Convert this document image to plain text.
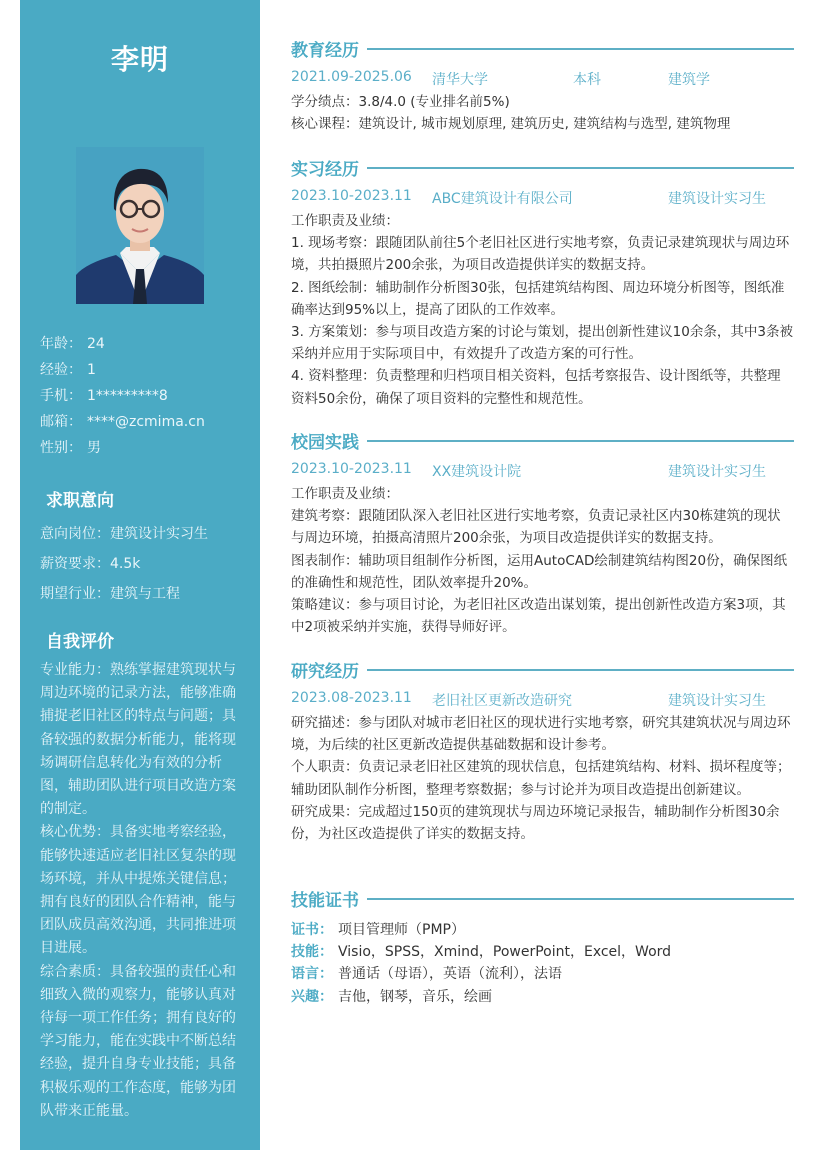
李明
年龄： 24
经验： 1
手机： 1*********8
邮箱： ****@zcmima.cn
性别： 男
求职意向
意向岗位：建筑设计实习生
薪资要求：4.5k
期望行业：建筑与工程
自我评价

专业能力：熟练掌握建筑现状与周边环境的记录方法，能够准确捕捉老旧社区的特点与问题；具备较强的数据分析能力，能将现场调研信息转化为有效的分析图，辅助团队进行项目改造方案的制定。

核心优势：具备实地考察经验，能够快速适应老旧社区复杂的现场环境，并从中提炼关键信息；拥有良好的团队合作精神，能与团队成员高效沟通，共同推进项目进展。

综合素质：具备较强的责任心和细致入微的观察力，能够认真对待每一项工作任务；拥有良好的学习能力，能在实践中不断总结经验，提升自身专业技能；具备积极乐观的工作态度，能够为团队带来正能量。

教育经历
2021.09-2025.06 清华大学	本科	建筑学

学分绩点：3.8/4.0 (专业排名前5%)

核心课程：建筑设计, 城市规划原理, 建筑历史, 建筑结构与选型, 建筑物理

实习经历
2023.10-2023.11 ABC建筑设计有限公司	建筑设计实习生

工作职责及业绩：

1. 现场考察：跟随团队前往5个老旧社区进行实地考察，负责记录建筑现状与周边环境，共拍摄照片200余张，为项目改造提供详实的数据支持。

2. 图纸绘制：辅助制作分析图30张，包括建筑结构图、周边环境分析图等，图纸准确率达到95%以上，提高了团队的工作效率。

3. 方案策划：参与项目改造方案的讨论与策划，提出创新性建议10余条，其中3条被采纳并应用于实际项目中，有效提升了改造方案的可行性。

4. 资料整理：负责整理和归档项目相关资料，包括考察报告、设计图纸等，共整理资料50余份，确保了项目资料的完整性和规范性。

校园实践
2023.10-2023.11 XX建筑设计院	建筑设计实习生

工作职责及业绩：

建筑考察：跟随团队深入老旧社区进行实地考察，负责记录社区内30栋建筑的现状与周边环境，拍摄高清照片200余张，为项目改造提供详实的数据支持。

图表制作：辅助项目组制作分析图，运用AutoCAD绘制建筑结构图20份，确保图纸的准确性和规范性，团队效率提升20%。

策略建议：参与项目讨论，为老旧社区改造出谋划策，提出创新性改造方案3项，其中2项被采纳并实施，获得导师好评。

研究经历
2023.08-2023.11 老旧社区更新改造研究	建筑设计实习生

研究描述：参与团队对城市老旧社区的现状进行实地考察，研究其建筑状况与周边环境，为后续的社区更新改造提供基础数据和设计参考。

个人职责：负责记录老旧社区建筑的现状信息，包括建筑结构、材料、损坏程度等；辅助团队制作分析图，整理考察数据；参与讨论并为项目改造提出创新建议。

研究成果：完成超过150页的建筑现状与周边环境记录报告，辅助制作分析图30余份，为社区改造提供了详实的数据支持。

技能证书
证书： 项目管理师（PMP）
技能： Visio，SPSS，Xmind，PowerPoint，Excel，Word
语言： 普通话（母语），英语（流利），法语
兴趣： 吉他，钢琴，音乐，绘画
